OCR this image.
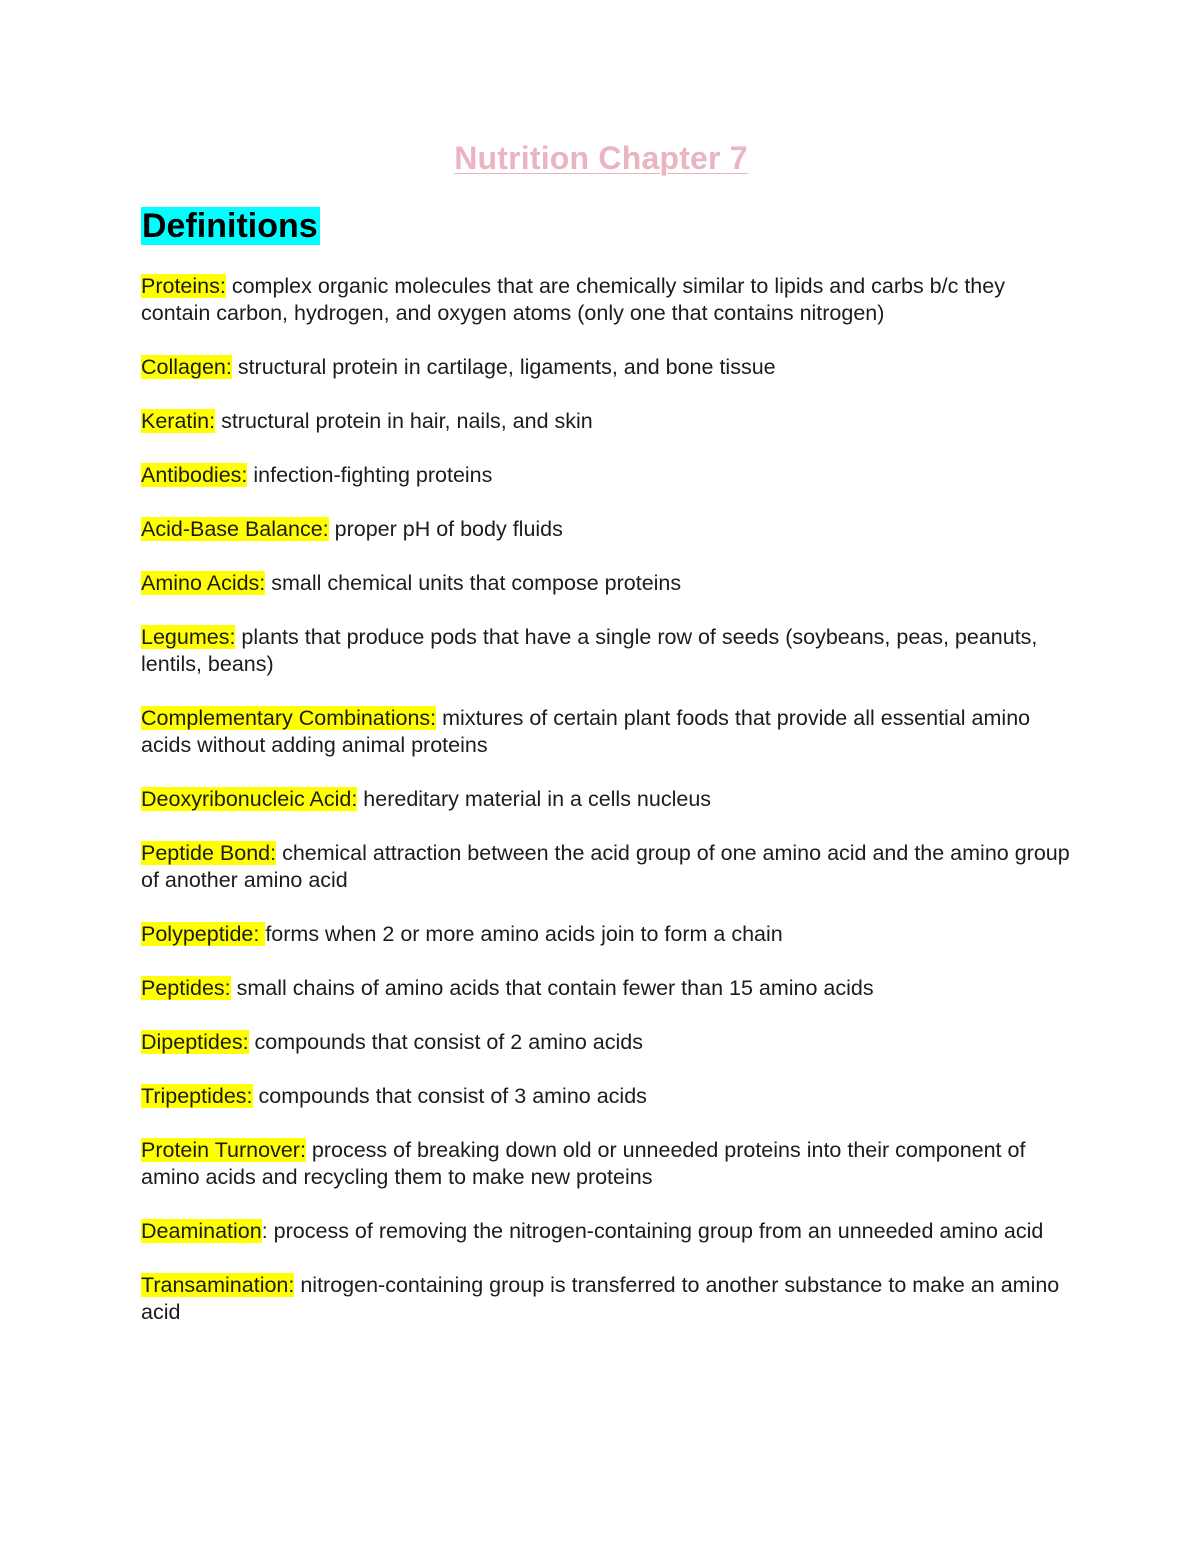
Nutrition Chapter 7
Definitions

Proteins: complex organic molecules that are chemically similar to lipids and carbs b/c they contain carbon, hydrogen, and oxygen atoms (only one that contains nitrogen)

Collagen: structural protein in cartilage, ligaments, and bone tissue

Keratin: structural protein in hair, nails, and skin

Antibodies: infection-fighting proteins

Acid-Base Balance: proper pH of body fluids

Amino Acids: small chemical units that compose proteins

Legumes: plants that produce pods that have a single row of seeds (soybeans, peas, peanuts, lentils, beans)

Complementary Combinations: mixtures of certain plant foods that provide all essential amino acids without adding animal proteins

Deoxyribonucleic Acid: hereditary material in a cells nucleus

Peptide Bond: chemical attraction between the acid group of one amino acid and the amino group of another amino acid

Polypeptide: forms when 2 or more amino acids join to form a chain

Peptides: small chains of amino acids that contain fewer than 15 amino acids

Dipeptides: compounds that consist of 2 amino acids

Tripeptides: compounds that consist of 3 amino acids

Protein Turnover: process of breaking down old or unneeded proteins into their component of amino acids and recycling them to make new proteins

Deamination: process of removing the nitrogen-containing group from an unneeded amino acid

Transamination: nitrogen-containing group is transferred to another substance to make an amino acid
